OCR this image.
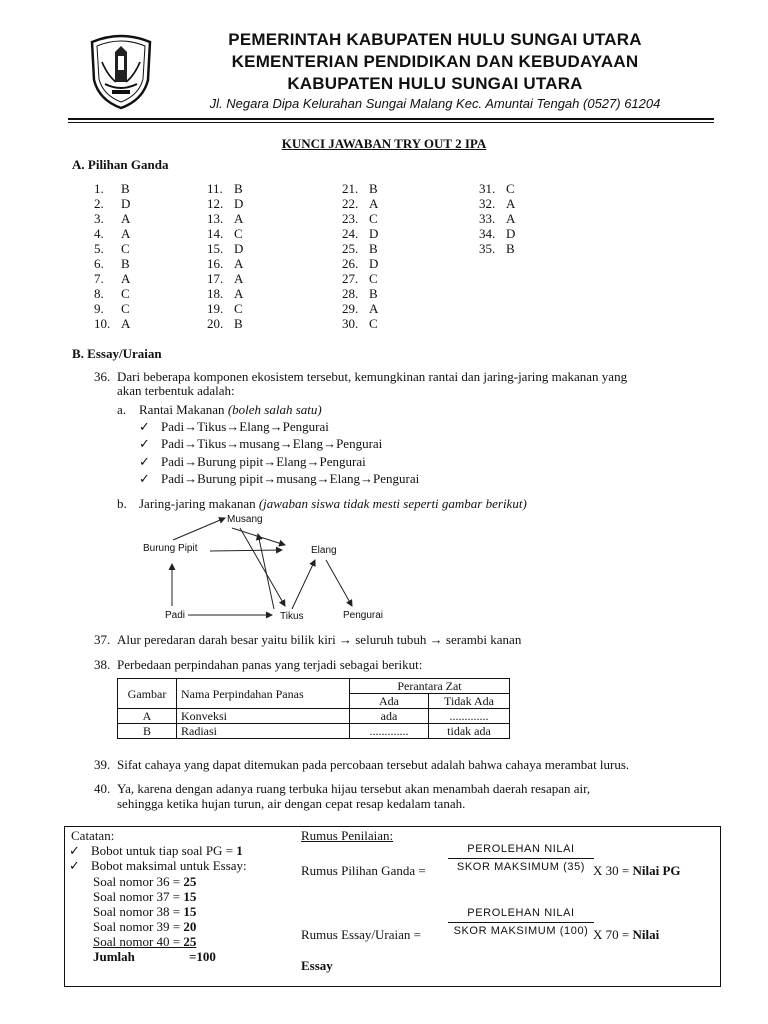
PEMERINTAH KABUPATEN HULU SUNGAI UTARA
KEMENTERIAN PENDIDIKAN DAN KEBUDAYAAN
KABUPATEN HULU SUNGAI UTARA
Jl. Negara Dipa Kelurahan Sungai Malang Kec. Amuntai Tengah (0527) 61204
KUNCI JAWABAN TRY OUT 2 IPA
A. Pilihan Ganda
1. B
2. D
3. A
4. A
5. C
6. B
7. A
8. C
9. C
10. A
11. B
12. D
13. A
14. C
15. D
16. A
17. A
18. A
19. C
20. B
21. B
22. A
23. C
24. D
25. B
26. D
27. C
28. B
29. A
30. C
31. C
32. A
33. A
34. D
35. B
B. Essay/Uraian
36. Dari beberapa komponen ekosistem tersebut, kemungkinan rantai dan jaring-jaring makanan yang
akan terbentuk adalah:
a. Rantai Makanan (boleh salah satu)
✓ Padi→Tikus→Elang→Pengurai
✓ Padi→Tikus→musang→Elang→Pengurai
✓ Padi→Burung pipit→Elang→Pengurai
✓ Padi→Burung pipit→musang→Elang→Pengurai
b. Jaring-jaring makanan (jawaban siswa tidak mesti seperti gambar berikut)
Musang
Burung Pipit	Elang
Padi	Tikus	Pengurai
37. Alur peredaran darah besar yaitu bilik kiri → seluruh tubuh → serambi kanan
38. Perbedaan perpindahan panas yang terjadi sebagai berikut:
Gambar	Nama Perpindahan Panas	Perantara Zat	
		Ada	Tidak Ada
A	Konveksi	ada	.............
B	Radiasi	.............	tidak ada
39. Sifat cahaya yang dapat ditemukan pada percobaan tersebut adalah bahwa cahaya merambat lurus.
40. Ya, karena dengan adanya ruang terbuka hijau tersebut akan menambah daerah resapan air,
sehingga ketika hujan turun, air dengan cepat resap kedalam tanah.
Catatan:
✓ Bobot untuk tiap soal PG = 1
✓ Bobot maksimal untuk Essay:
Soal nomor 36 = 25
Soal nomor 37 = 15
Soal nomor 38 = 15
Soal nomor 39 = 20
Soal nomor 40 = 25
Jumlah	=100
Rumus Penilaian:
Rumus Pilihan Ganda =
PEROLEHAN NILAI
SKOR MAKSIMUM (35) X 30 = Nilai PG
Rumus Essay/Uraian =
PEROLEHAN NILAI
SKOR MAKSIMUM (100) X 70 = Nilai
Essay
